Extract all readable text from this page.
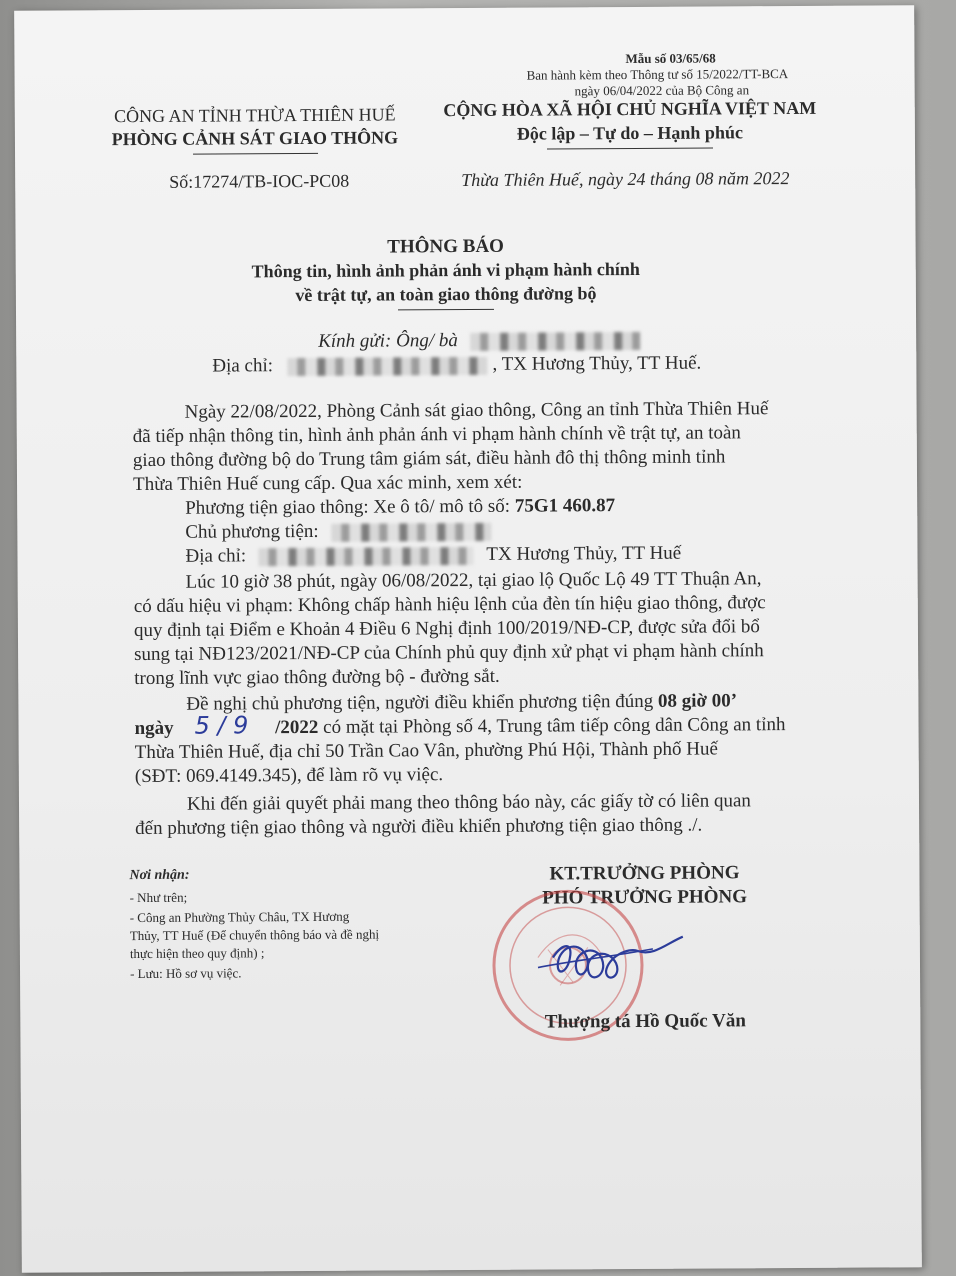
Mẫu số 03/65/68
Ban hành kèm theo Thông tư số 15/2022/TT-BCA
ngày 06/04/2022 của Bộ Công an
CÔNG AN TỈNH THỪA THIÊN HUẾ
PHÒNG CẢNH SÁT GIAO THÔNG
CỘNG HÒA XÃ HỘI CHỦ NGHĨA VIỆT NAM
Độc lập – Tự do – Hạnh phúc
Số:17274/TB-IOC-PC08	Thừa Thiên Huế, ngày 24 tháng 08 năm 2022
THÔNG BÁO
Thông tin, hình ảnh phản ánh vi phạm hành chính
về trật tự, an toàn giao thông đường bộ
Kính gửi: Ông/ bà
Địa chỉ:	, TX Hương Thủy, TT Huế.
Ngày 22/08/2022, Phòng Cảnh sát giao thông, Công an tỉnh Thừa Thiên Huế
đã tiếp nhận thông tin, hình ảnh phản ánh vi phạm hành chính về trật tự, an toàn
giao thông đường bộ do Trung tâm giám sát, điều hành đô thị thông minh tỉnh
Thừa Thiên Huế cung cấp. Qua xác minh, xem xét:
Phương tiện giao thông: Xe ô tô/ mô tô số: 75G1 460.87
Chủ phương tiện:
Địa chỉ:	TX Hương Thủy, TT Huế
Lúc 10 giờ 38 phút, ngày 06/08/2022, tại giao lộ Quốc Lộ 49 TT Thuận An,
có dấu hiệu vi phạm: Không chấp hành hiệu lệnh của đèn tín hiệu giao thông, được
quy định tại Điểm e Khoản 4 Điều 6 Nghị định 100/2019/NĐ-CP, được sửa đổi bổ
sung tại NĐ123/2021/NĐ-CP của Chính phủ quy định xử phạt vi phạm hành chính
trong lĩnh vực giao thông đường bộ - đường sắt.
Đề nghị chủ phương tiện, người điều khiển phương tiện đúng 08 giờ 00’
ngày	/2022 có mặt tại Phòng số 4, Trung tâm tiếp công dân Công an tỉnh
5 / 9
Thừa Thiên Huế, địa chỉ 50 Trần Cao Vân, phường Phú Hội, Thành phố Huế
(SĐT: 069.4149.345), để làm rõ vụ việc.
Khi đến giải quyết phải mang theo thông báo này, các giấy tờ có liên quan
đến phương tiện giao thông và người điều khiển phương tiện giao thông ./.
Nơi nhận:
- Như trên;
- Công an Phường Thủy Châu, TX Hương
Thủy, TT Huế (Để chuyển thông báo và đề nghị
thực hiện theo quy định) ;
- Lưu: Hồ sơ vụ việc.
KT.TRƯỞNG PHÒNG
PHÓ TRƯỞNG PHÒNG
Thượng tá Hồ Quốc Văn
